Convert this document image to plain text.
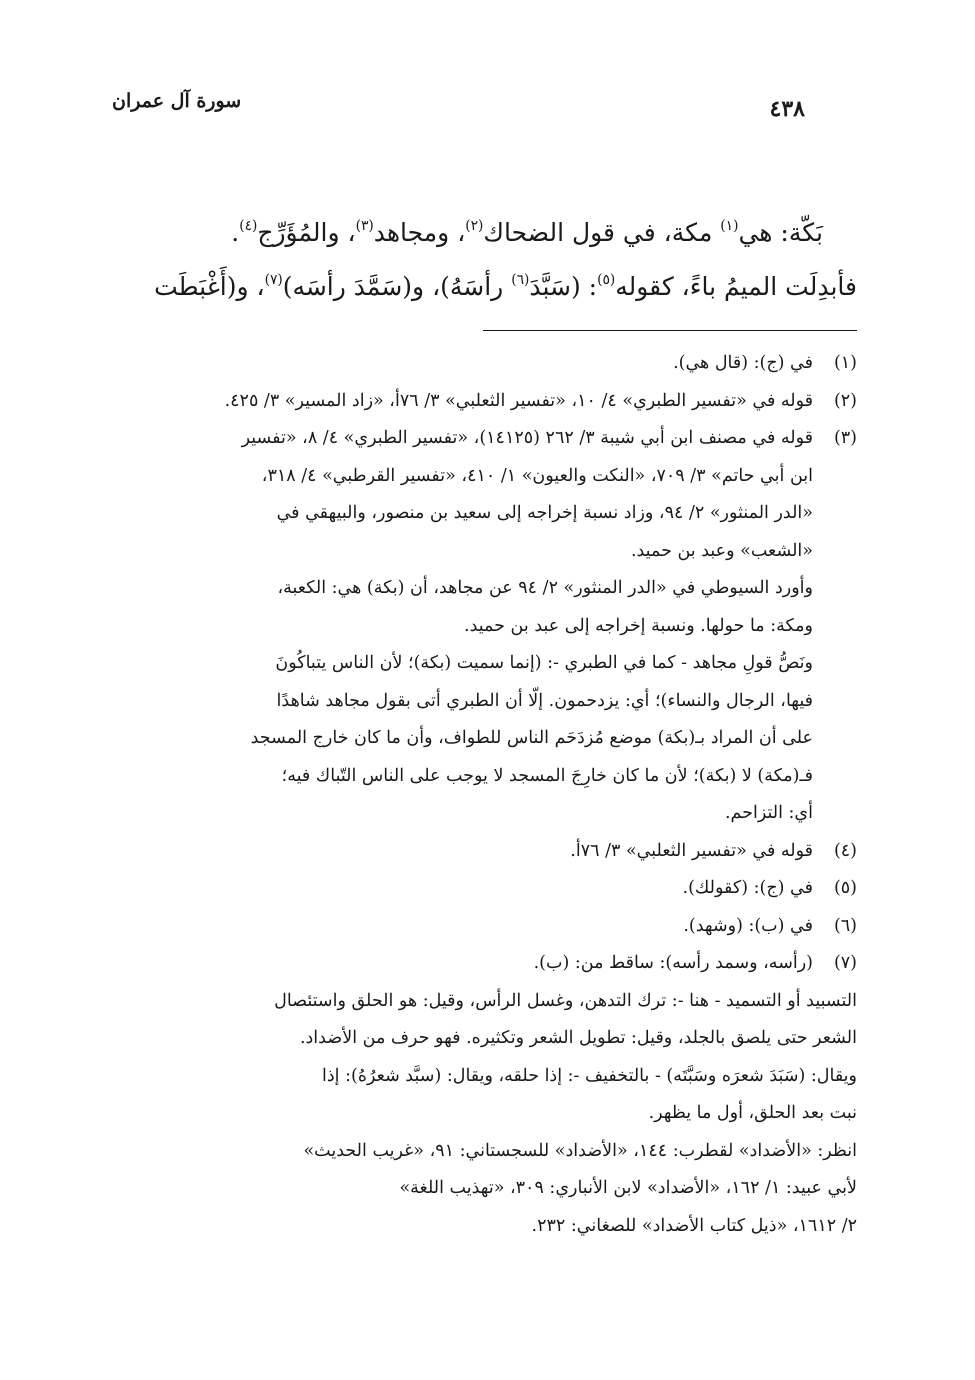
سورة آل عمران	٤٣٨
بَكّة: هي$^{(١)}$ مكة، في قول الضحاك$^{(٢)}$، ومجاهد$^{(٣)}$، والمُؤَرِّج$^{(٤)}$.
فأبدِلَت الميمُ باءً، كقوله$^{(٥)}$: (سَبَّدَ$^{(٦)}$ رأسَهُ)، و(سَمَّدَ رأسَه)$^{(٧)}$، و(أَغْبَطَت
(١)في (ج): (قال هي).
(٢)قوله في «تفسير الطبري» ٤/ ١٠، «تفسير الثعلبي» ٣/ ٧٦أ، «زاد المسير» ٣/ ٤٢٥.
(٣)قوله في مصنف ابن أبي شيبة ٣/ ٢٦٢ (١٤١٢٥)، «تفسير الطبري» ٤/ ٨، «تفسير
ابن أبي حاتم» ٣/ ٧٠٩، «النكت والعيون» ١/ ٤١٠، «تفسير القرطبي» ٤/ ٣١٨،
«الدر المنثور» ٢/ ٩٤، وزاد نسبة إخراجه إلى سعيد بن منصور، والبيهقي في
«الشعب» وعبد بن حميد.
وأورد السيوطي في «الدر المنثور» ٢/ ٩٤ عن مجاهد، أن (بكة) هي: الكعبة،
ومكة: ما حولها. ونسبة إخراجه إلى عبد بن حميد.
ونَصُّ قولِ مجاهد - كما في الطبري -: (إنما سميت (بكة)؛ لأن الناس يتباكُونَ
فيها، الرجال والنساء)؛ أي: يزدحمون. إلّا أن الطبري أتى بقول مجاهد شاهدًا
على أن المراد بـ(بكة) موضع مُزدَحَم الناس للطواف، وأن ما كان خارج المسجد
فـ(مكة) لا (بكة)؛ لأن ما كان خارِجَ المسجد لا يوجب على الناس التّباك فيه؛
أي: التزاحم.
(٤)قوله في «تفسير الثعلبي» ٣/ ٧٦أ.
(٥)في (ج): (كقولك).
(٦)في (ب): (وشهد).
(٧)(رأسه، وسمد رأسه): ساقط من: (ب).
التسبيد أو التسميد - هنا -: ترك التدهن، وغسل الرأس، وقيل: هو الحلق واستئصال
الشعر حتى يلصق بالجلد، وقيل: تطويل الشعر وتكثيره. فهو حرف من الأضداد.
ويقال: (سَبَدَ شعرَه وسَبَّتَه) - بالتخفيف -: إذا حلقه، ويقال: (سبَّد شعرُهُ): إذا
نبت بعد الحلق، أول ما يظهر.
انظر: «الأضداد» لقطرب: ١٤٤، «الأضداد» للسجستاني: ٩١، «غريب الحديث»
لأبي عبيد: ١/ ١٦٢، «الأضداد» لابن الأنباري: ٣٠٩، «تهذيب اللغة»
٢/ ١٦١٢، «ذيل كتاب الأضداد» للصغاني: ٢٣٢.
